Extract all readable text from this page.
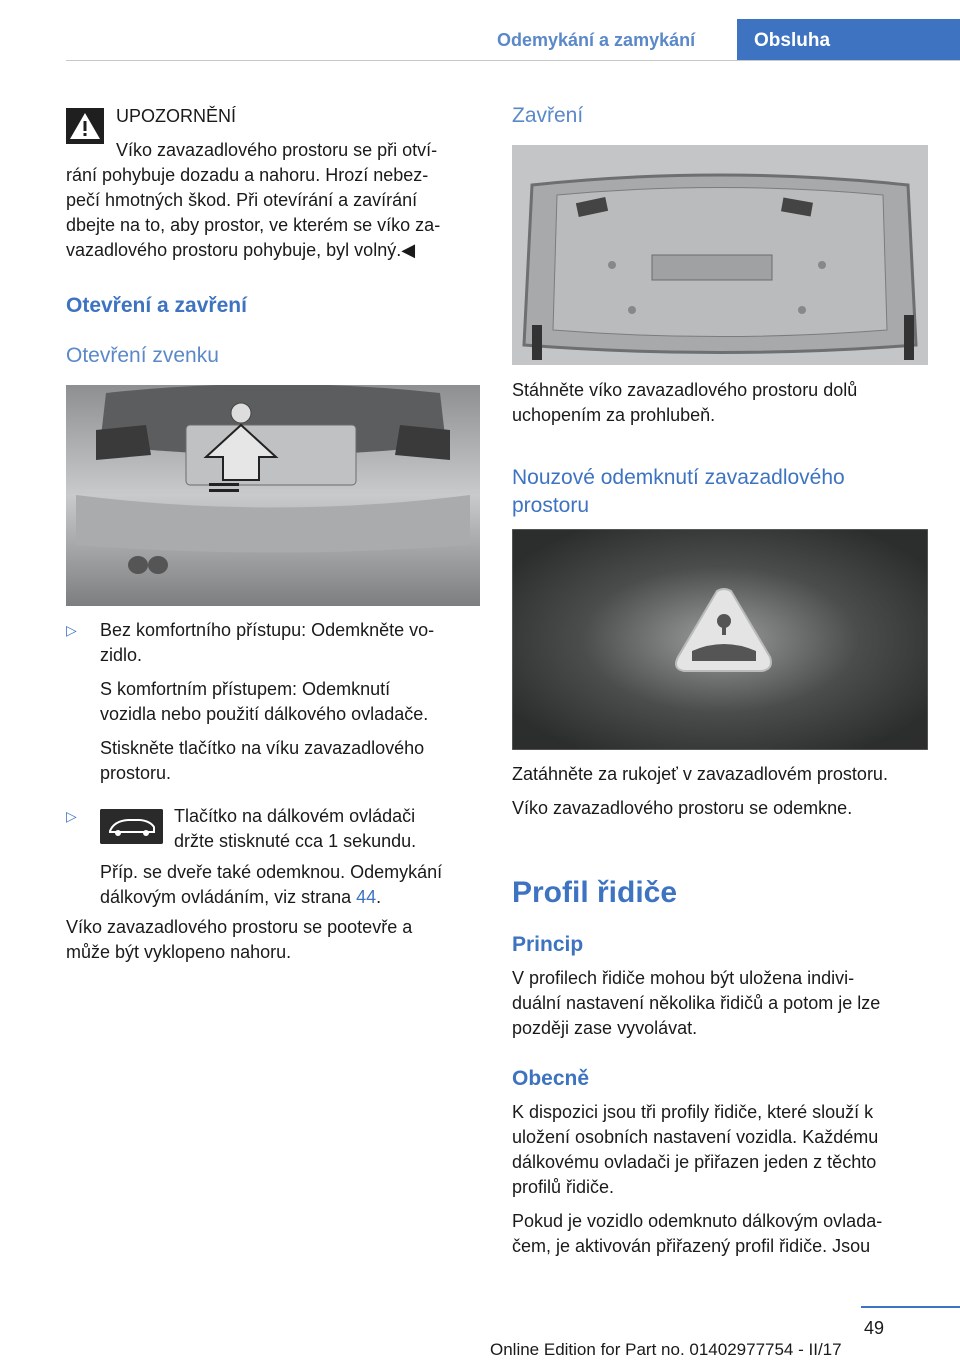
Odemykání a zamykání	Obsluha

UPOZORNĚNÍ

Víko zavazadlového prostoru se při otví‐

rání pohybuje dozadu a nahoru. Hrozí nebez‐

pečí hmotných škod. Při otevírání a zavírání

dbejte na to, aby prostor, ve kterém se víko za‐

vazadlového prostoru pohybuje, byl volný.◀

Otevření a zavření
Otevření zvenku
▷ Bez komfortního přístupu: Odemkněte vo‐

zidlo.

S komfortním přístupem: Odemknutí

vozidla nebo použití dálkového ovladače.

Stiskněte tlačítko na víku zavazadlového

prostoru.

▷	Tlačítko na dálkovém ovládači

držte stisknuté cca 1 sekundu.

Příp. se dveře také odemknou. Odemykání

dálkovým ovládáním, viz strana 44.

Víko zavazadlového prostoru se pootevře a

může být vyklopeno nahoru.

Zavření

Stáhněte víko zavazadlového prostoru dolů

uchopením za prohlubeň.

Nouzové odemknutí zavazadlového
prostoru

Zatáhněte za rukojeť v zavazadlovém prostoru.

Víko zavazadlového prostoru se odemkne.

Profil řidiče
Princip

V profilech řidiče mohou být uložena indivi‐

duální nastavení několika řidičů a potom je lze

později zase vyvolávat.

Obecně

K dispozici jsou tři profily řidiče, které slouží k

uložení osobních nastavení vozidla. Každému

dálkovému ovladači je přiřazen jeden z těchto

profilů řidiče.

Pokud je vozidlo odemknuto dálkovým ovlada‐

čem, je aktivován přiřazený profil řidiče. Jsou

49
Online Edition for Part no. 01402977754 - II/17
